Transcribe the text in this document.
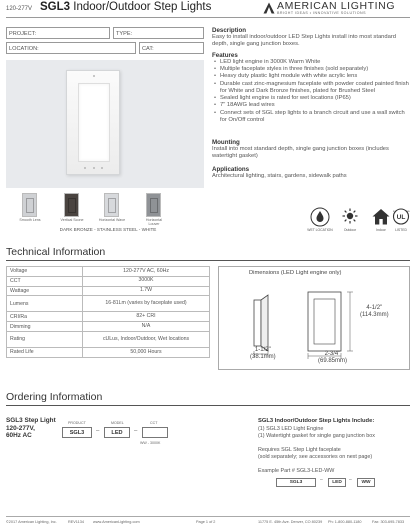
120-277V SGL3 Indoor/Outdoor Step Lights	AMERICAN LIGHTING
BRIGHT IDEAS • INNOVATIVE SOLUTIONS
PROJECT:	TYPE:
LOCATION:	CAT:
Smooth Lens	Vertical Scone	Horizontal Wave	Horizontal Louver
DARK BRONZE - STAINLESS STEEL - WHITE
Description
Easy to install indoor/outdoor LED Step Lights install into most standard depth, single gang junction boxes.
Features
• LED light engine in 3000K Warm White
• Multiple faceplate styles in three finishes (sold separately)
• Heavy duty plastic light module with white acrylic lens
• Durable cast zinc-magnesium faceplate with powder coated painted finish for White and Dark Bronze finishes, plated for Brushed Steel
• Sealed light engine is rated for wet locations (IP65)
• 7" 18AWG lead wires
• Connect sets of SGL step lights to a branch circuit and use a wall switch for On/Off control
Mounting
Install into most standard depth, single gang junction boxes (includes watertight gasket)
Applications
Architectural lighting, stairs, gardens, sidewalk paths
WET LOCATION	Outdoor	Indoor
UL
c	us
LISTED
Technical Information
Voltage	120-277V AC, 60Hz
CCT	3000K
Wattage	1.7W
Lumens	16-81Lm (varies by faceplate used)
CRI/Ra	82+ CRI
Dimming	N/A
Rating	cULus, Indoor/Outdoor, Wet locations
Rated Life	50,000 Hours
Dimensions (LED Light engine only)
4-1/2"
(114.3mm)
1-1/2"
(38.1mm)	2-3/4"
(69.85mm)
Ordering Information
SGL3 Step Light
120-277V,
60Hz AC
PRODUCT	MODEL	CCT
SGL3	–	LED	–
WW - 3000K
SGL3 Indoor/Outdoor Step Lights Include:
(1) SGL3 LED Light Engine
(1) Watertight gasket for single gang junction box
Requires SGL Step Light faceplate
(sold separately; see accessories on next page)
Example Part # SGL3-LED-WW
SGL3	–	LED	–	WW
©2017 American Lighting, Inc.	REV1134 www.AmericanLighting.com	Page 1 of 2	11775 E. 45th Ave. Denver, CO 80239 Ph: 1-800-880-1180	Fax: 303-695-7833
